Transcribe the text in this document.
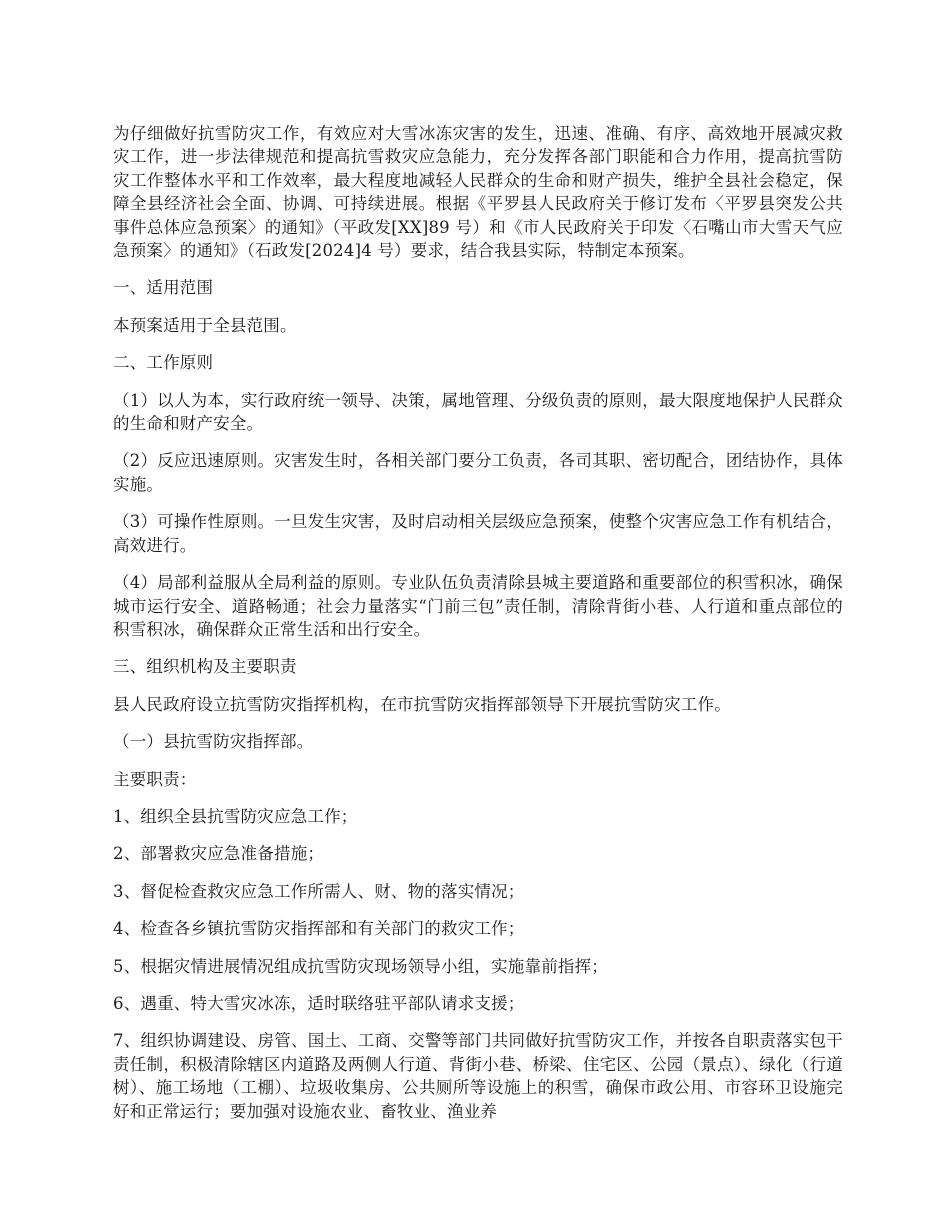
为仔细做好抗雪防灾工作，有效应对大雪冰冻灾害的发生，迅速、准确、有序、高效地开展减灾救灾工作，进一步法律规范和提高抗雪救灾应急能力，充分发挥各部门职能和合力作用，提高抗雪防灾工作整体水平和工作效率，最大程度地减轻人民群众的生命和财产损失，维护全县社会稳定，保障全县经济社会全面、协调、可持续进展。根据《平罗县人民政府关于修订发布〈平罗县突发公共事件总体应急预案〉的通知》（平政发[XX]89 号）和《市人民政府关于印发〈石嘴山市大雪天气应急预案〉的通知》（石政发[2024]4 号）要求，结合我县实际，特制定本预案。

一、适用范围

本预案适用于全县范围。

二、工作原则

（1）以人为本，实行政府统一领导、决策，属地管理、分级负责的原则，最大限度地保护人民群众的生命和财产安全。

（2）反应迅速原则。灾害发生时，各相关部门要分工负责，各司其职、密切配合，团结协作，具体实施。

（3）可操作性原则。一旦发生灾害，及时启动相关层级应急预案，使整个灾害应急工作有机结合，高效进行。

（4）局部利益服从全局利益的原则。专业队伍负责清除县城主要道路和重要部位的积雪积冰，确保城市运行安全、道路畅通；社会力量落实“门前三包”责任制，清除背街小巷、人行道和重点部位的积雪积冰，确保群众正常生活和出行安全。

三、组织机构及主要职责

县人民政府设立抗雪防灾指挥机构，在市抗雪防灾指挥部领导下开展抗雪防灾工作。

（一）县抗雪防灾指挥部。

主要职责：

1、组织全县抗雪防灾应急工作；

2、部署救灾应急准备措施；

3、督促检查救灾应急工作所需人、财、物的落实情况；

4、检查各乡镇抗雪防灾指挥部和有关部门的救灾工作；

5、根据灾情进展情况组成抗雪防灾现场领导小组，实施靠前指挥；

6、遇重、特大雪灾冰冻，适时联络驻平部队请求支援；

7、组织协调建设、房管、国土、工商、交警等部门共同做好抗雪防灾工作，并按各自职责落实包干责任制，积极清除辖区内道路及两侧人行道、背街小巷、桥梁、住宅区、公园（景点）、绿化（行道树）、施工场地（工棚）、垃圾收集房、公共厕所等设施上的积雪，确保市政公用、市容环卫设施完好和正常运行；要加强对设施农业、畜牧业、渔业养
